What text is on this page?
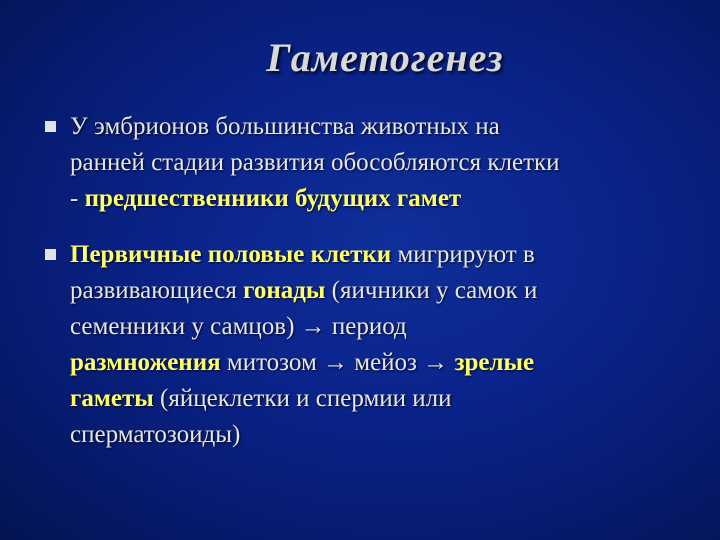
Гаметогенез
У эмбрионов большинства животных на
ранней стадии развития обособляются клетки
- предшественники будущих гамет
Первичные половые клетки мигрируют в
развивающиеся гонады (яичники у самок и
семенники у самцов) → период
размножения митозом → мейоз → зрелые
гаметы (яйцеклетки и спермии или
сперматозоиды)
